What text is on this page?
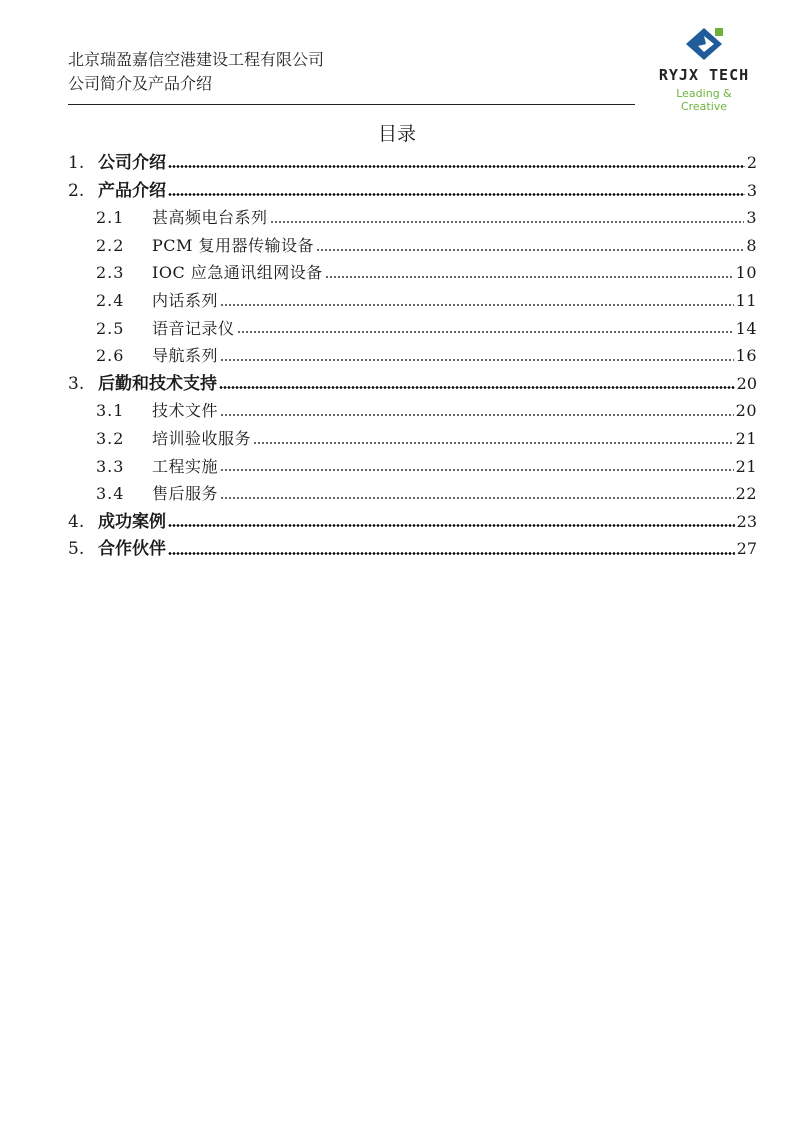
北京瑞盈嘉信空港建设工程有限公司
公司简介及产品介绍	RYJX TECH
Leading & Creative
目录
1. 公司介绍	2
2. 产品介绍	3
2.1	甚高频电台系列	3
2.2	PCM 复用器传输设备	8
2.3	IOC 应急通讯组网设备	10
2.4	内话系列	11
2.5	语音记录仪	14
2.6	导航系列	16
3. 后勤和技术支持	20
3.1	技术文件	20
3.2	培训验收服务	21
3.3	工程实施	21
3.4	售后服务	22
4. 成功案例	23
5. 合作伙伴	27
